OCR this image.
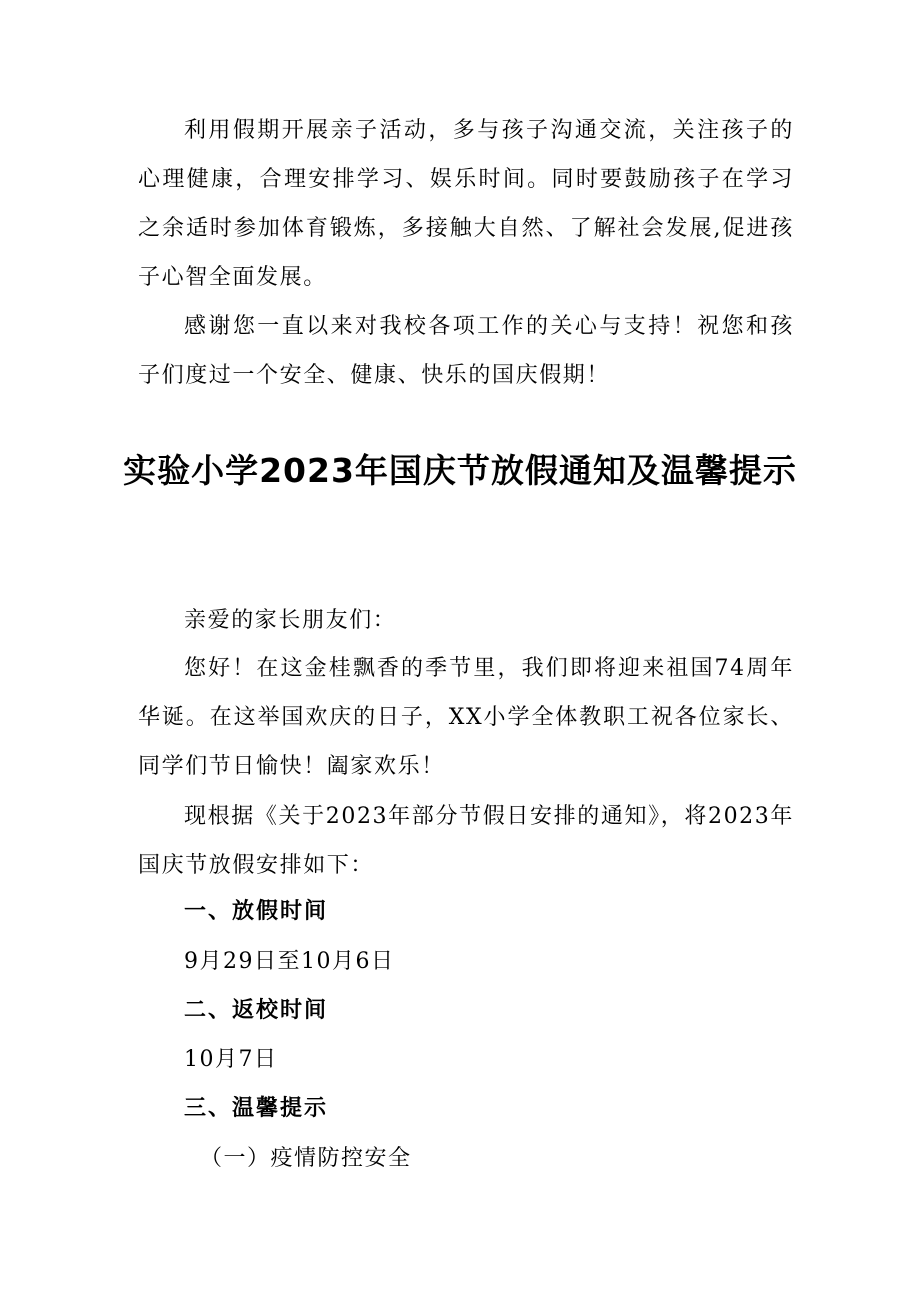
利用假期开展亲子活动，多与孩子沟通交流，关注孩子的心理健康，合理安排学习、娱乐时间。同时要鼓励孩子在学习之余适时参加体育锻炼，多接触大自然、了解社会发展,促进孩子心智全面发展。

感谢您一直以来对我校各项工作的关心与支持！祝您和孩子们度过一个安全、健康、快乐的国庆假期！

实验小学2023年国庆节放假通知及温馨提示

亲爱的家长朋友们：

您好！在这金桂飘香的季节里，我们即将迎来祖国74周年华诞。在这举国欢庆的日子，XX小学全体教职工祝各位家长、同学们节日愉快！阖家欢乐！

现根据《关于2023年部分节假日安排的通知》，将2023年国庆节放假安排如下：

一、放假时间

9月29日至10月6日

二、返校时间

10月7日

三、温馨提示

（一）疫情防控安全
